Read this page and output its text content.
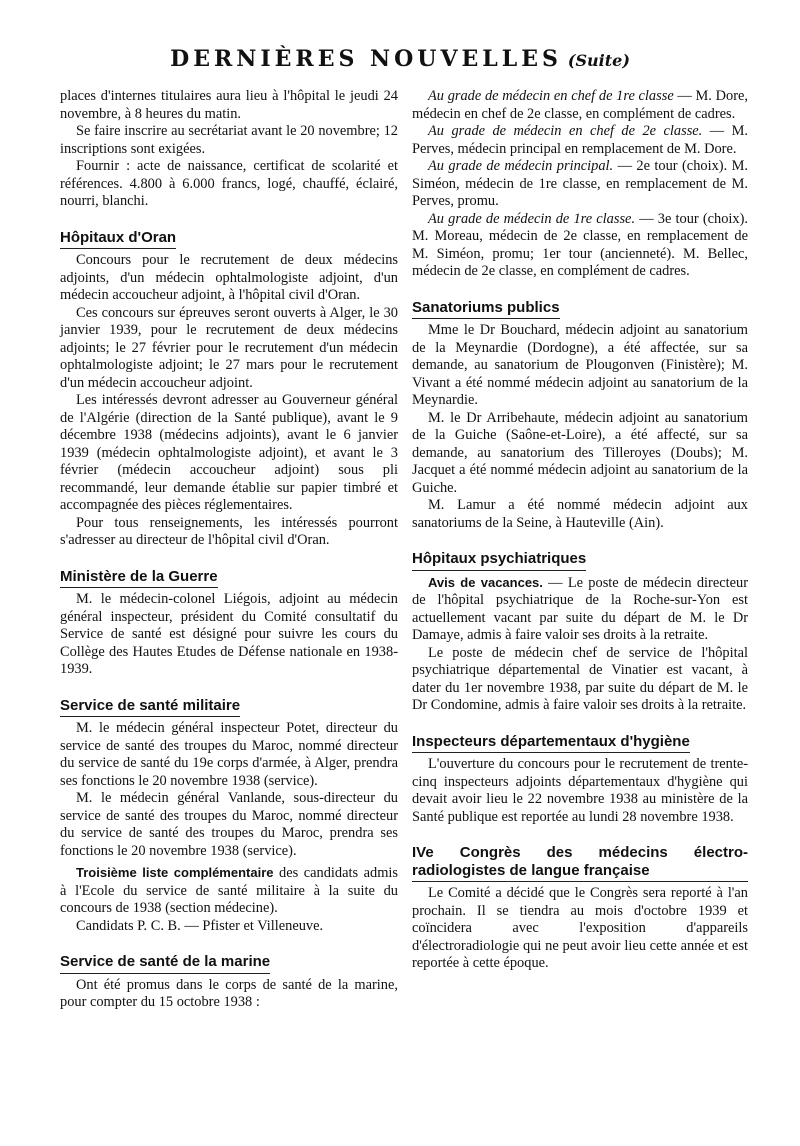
DERNIÈRES NOUVELLES (Suite)

places d'internes titulaires aura lieu à l'hôpital le jeudi 24 novembre, à 8 heures du matin.

Se faire inscrire au secrétariat avant le 20 novembre; 12 inscriptions sont exigées.

Fournir : acte de naissance, certificat de scolarité et références. 4.800 à 6.000 francs, logé, chauffé, éclairé, nourri, blanchi.

Hôpitaux d'Oran

Concours pour le recrutement de deux médecins adjoints, d'un médecin ophtalmologiste adjoint, d'un médecin accoucheur adjoint, à l'hôpital civil d'Oran.

Ces concours sur épreuves seront ouverts à Alger, le 30 janvier 1939, pour le recrutement de deux médecins adjoints; le 27 février pour le recrutement d'un médecin ophtalmologiste adjoint; le 27 mars pour le recrutement d'un médecin accoucheur adjoint.

Les intéressés devront adresser au Gouverneur général de l'Algérie (direction de la Santé publique), avant le 9 décembre 1938 (médecins adjoints), avant le 6 janvier 1939 (médecin ophtalmologiste adjoint), et avant le 3 février (médecin accoucheur adjoint) sous pli recommandé, leur demande établie sur papier timbré et accompagnée des pièces réglementaires.

Pour tous renseignements, les intéressés pourront s'adresser au directeur de l'hôpital civil d'Oran.

Ministère de la Guerre

M. le médecin-colonel Liégois, adjoint au médecin général inspecteur, président du Comité consultatif du Service de santé est désigné pour suivre les cours du Collège des Hautes Etudes de Défense nationale en 1938-1939.

Service de santé militaire

M. le médecin général inspecteur Potet, directeur du service de santé des troupes du Maroc, nommé directeur du service de santé du 19e corps d'armée, à Alger, prendra ses fonctions le 20 novembre 1938 (service).

M. le médecin général Vanlande, sous-directeur du service de santé des troupes du Maroc, nommé directeur du service de santé des troupes du Maroc, prendra ses fonctions le 20 novembre 1938 (service).

Troisième liste complémentaire des candidats admis à l'Ecole du service de santé militaire à la suite du concours de 1938 (section médecine).

Candidats P. C. B. — Pfister et Villeneuve.

Service de santé de la marine

Ont été promus dans le corps de santé de la marine, pour compter du 15 octobre 1938 :

Au grade de médecin en chef de 1re classe — M. Dore, médecin en chef de 2e classe, en complément de cadres.

Au grade de médecin en chef de 2e classe. — M. Perves, médecin principal en remplacement de M. Dore.

Au grade de médecin principal. — 2e tour (choix). M. Siméon, médecin de 1re classe, en remplacement de M. Perves, promu.

Au grade de médecin de 1re classe. — 3e tour (choix). M. Moreau, médecin de 2e classe, en remplacement de M. Siméon, promu; 1er tour (ancienneté). M. Bellec, médecin de 2e classe, en complément de cadres.

Sanatoriums publics

Mme le Dr Bouchard, médecin adjoint au sanatorium de la Meynardie (Dordogne), a été affectée, sur sa demande, au sanatorium de Plougonven (Finistère); M. Vivant a été nommé médecin adjoint au sanatorium de la Meynardie.

M. le Dr Arribehaute, médecin adjoint au sanatorium de la Guiche (Saône-et-Loire), a été affecté, sur sa demande, au sanatorium des Tilleroyes (Doubs); M. Jacquet a été nommé médecin adjoint au sanatorium de la Guiche.

M. Lamur a été nommé médecin adjoint aux sanatoriums de la Seine, à Hauteville (Ain).

Hôpitaux psychiatriques

Avis de vacances. — Le poste de médecin directeur de l'hôpital psychiatrique de la Roche-sur-Yon est actuellement vacant par suite du départ de M. le Dr Damaye, admis à faire valoir ses droits à la retraite.

Le poste de médecin chef de service de l'hôpital psychiatrique départemental de Vinatier est vacant, à dater du 1er novembre 1938, par suite du départ de M. le Dr Condomine, admis à faire valoir ses droits à la retraite.

Inspecteurs départementaux d'hygiène

L'ouverture du concours pour le recrutement de trente-cinq inspecteurs adjoints départementaux d'hygiène qui devait avoir lieu le 22 novembre 1938 au ministère de la Santé publique est reportée au lundi 28 novembre 1938.

IVe Congrès des médecins électro-radiologistes de langue française

Le Comité a décidé que le Congrès sera reporté à l'an prochain. Il se tiendra au mois d'octobre 1939 et coïncidera avec l'exposition d'appareils d'électroradiologie qui ne peut avoir lieu cette année et est reportée à cette époque.
